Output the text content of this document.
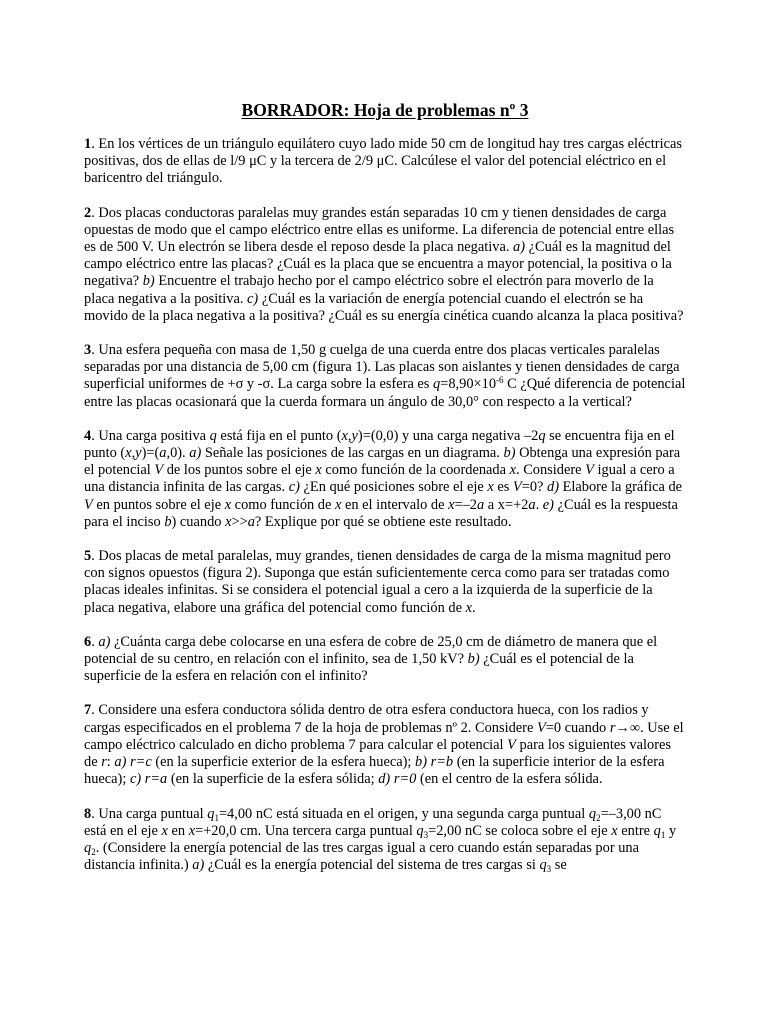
BORRADOR: Hoja de problemas nº 3
1. En los vértices de un triángulo equilátero cuyo lado mide 50 cm de longitud hay tres cargas eléctricas positivas, dos de ellas de l/9 μC y la tercera de 2/9 μC. Calcúlese el valor del potencial eléctrico en el baricentro del triángulo.
2. Dos placas conductoras paralelas muy grandes están separadas 10 cm y tienen densidades de carga opuestas de modo que el campo eléctrico entre ellas es uniforme. La diferencia de potencial entre ellas es de 500 V. Un electrón se libera desde el reposo desde la placa negativa. a) ¿Cuál es la magnitud del campo eléctrico entre las placas? ¿Cuál es la placa que se encuentra a mayor potencial, la positiva o la negativa? b) Encuentre el trabajo hecho por el campo eléctrico sobre el electrón para moverlo de la placa negativa a la positiva. c) ¿Cuál es la variación de energía potencial cuando el electrón se ha movido de la placa negativa a la positiva? ¿Cuál es su energía cinética cuando alcanza la placa positiva?
3. Una esfera pequeña con masa de 1,50 g cuelga de una cuerda entre dos placas verticales paralelas separadas por una distancia de 5,00 cm (figura 1). Las placas son aislantes y tienen densidades de carga superficial uniformes de +σ y -σ. La carga sobre la esfera es $q=8,90\times 10^{-6}$ C ¿Qué diferencia de potencial entre las placas ocasionará que la cuerda formara un ángulo de 30,0° con respecto a la vertical?
4. Una carga positiva q está fija en el punto (x,y)=(0,0) y una carga negativa –2q se encuentra fija en el punto (x,y)=(a,0). a) Señale las posiciones de las cargas en un diagrama. b) Obtenga una expresión para el potencial V de los puntos sobre el eje x como función de la coordenada x. Considere V igual a cero a una distancia infinita de las cargas. c) ¿En qué posiciones sobre el eje x es V=0? d) Elabore la gráfica de V en puntos sobre el eje x como función de x en el intervalo de x=–2a a x=+2a. e) ¿Cuál es la respuesta para el inciso b) cuando x>>a? Explique por qué se obtiene este resultado.
5. Dos placas de metal paralelas, muy grandes, tienen densidades de carga de la misma magnitud pero con signos opuestos (figura 2). Suponga que están suficientemente cerca como para ser tratadas como placas ideales infinitas. Si se considera el potencial igual a cero a la izquierda de la superficie de la placa negativa, elabore una gráfica del potencial como función de x.
6. a) ¿Cuánta carga debe colocarse en una esfera de cobre de 25,0 cm de diámetro de manera que el potencial de su centro, en relación con el infinito, sea de 1,50 kV? b) ¿Cuál es el potencial de la superficie de la esfera en relación con el infinito?
7. Considere una esfera conductora sólida dentro de otra esfera conductora hueca, con los radios y cargas especificados en el problema 7 de la hoja de problemas nº 2. Considere V=0 cuando r→∞. Use el campo eléctrico calculado en dicho problema 7 para calcular el potencial V para los siguientes valores de r: a) r=c (en la superficie exterior de la esfera hueca); b) r=b (en la superficie interior de la esfera hueca); c) r=a (en la superficie de la esfera sólida; d) r=0 (en el centro de la esfera sólida.
8. Una carga puntual $q_1=4,00$ nC está situada en el origen, y una segunda carga puntual $q_2=-3,00$ nC está en el eje x en x=+20,0 cm. Una tercera carga puntual $q_3=2,00$ nC se coloca sobre el eje x entre $q_1$ y $q_2$. (Considere la energía potencial de las tres cargas igual a cero cuando están separadas por una distancia infinita.) a) ¿Cuál es la energía potencial del sistema de tres cargas si $q_3$ se
